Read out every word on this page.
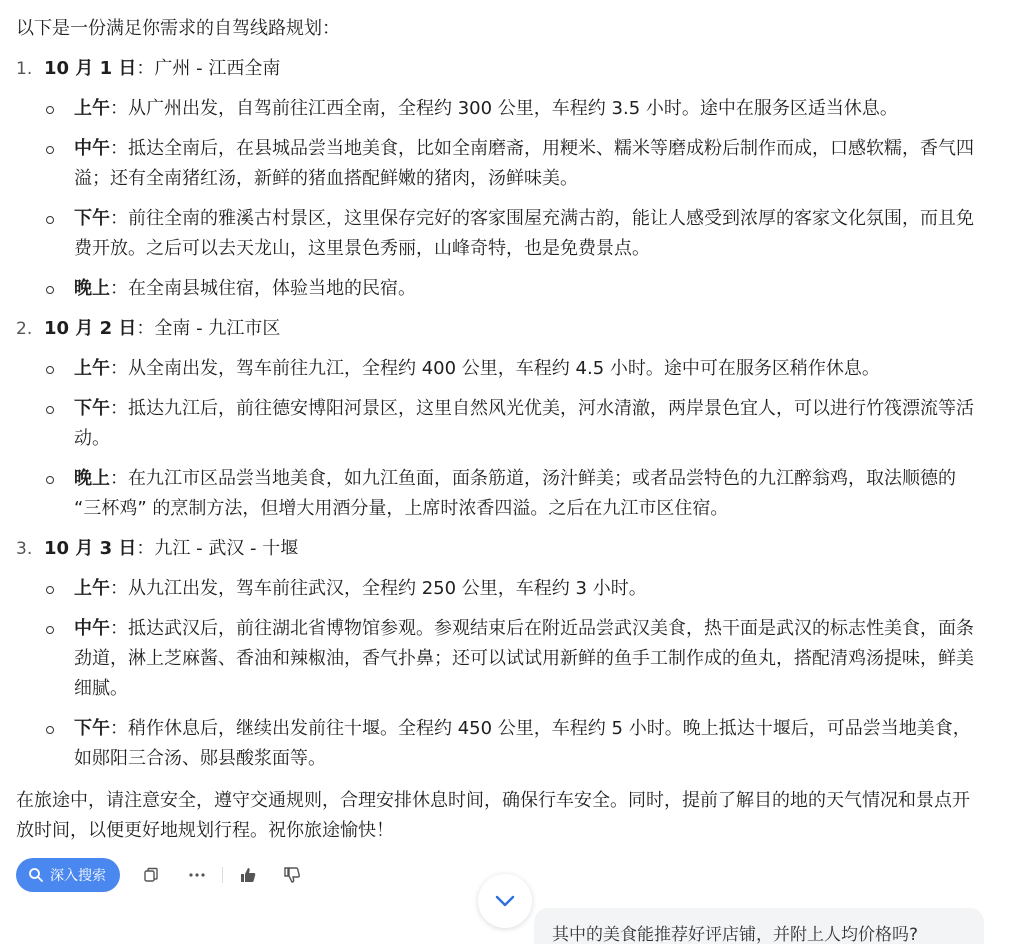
以下是一份满足你需求的自驾线路规划：
1. 10 月 1 日：广州 - 江西全南
上午：从广州出发，自驾前往江西全南，全程约 300 公里，车程约 3.5 小时。途中在服务区适当休息。
中午：抵达全南后，在县城品尝当地美食，比如全南磨斋，用粳米、糯米等磨成粉后制作而成，口感软糯，香气四溢；还有全南猪红汤，新鲜的猪血搭配鲜嫩的猪肉，汤鲜味美。
下午：前往全南的雅溪古村景区，这里保存完好的客家围屋充满古韵，能让人感受到浓厚的客家文化氛围，而且免费开放。之后可以去天龙山，这里景色秀丽，山峰奇特，也是免费景点。
晚上：在全南县城住宿，体验当地的民宿。
2. 10 月 2 日：全南 - 九江市区
上午：从全南出发，驾车前往九江，全程约 400 公里，车程约 4.5 小时。途中可在服务区稍作休息。
下午：抵达九江后，前往德安博阳河景区，这里自然风光优美，河水清澈，两岸景色宜人，可以进行竹筏漂流等活动。
晚上：在九江市区品尝当地美食，如九江鱼面，面条筋道，汤汁鲜美；或者品尝特色的九江醉翁鸡，取法顺德的 “三杯鸡” 的烹制方法，但增大用酒分量，上席时浓香四溢。之后在九江市区住宿。
3. 10 月 3 日：九江 - 武汉 - 十堰
上午：从九江出发，驾车前往武汉，全程约 250 公里，车程约 3 小时。
中午：抵达武汉后，前往湖北省博物馆参观。参观结束后在附近品尝武汉美食，热干面是武汉的标志性美食，面条劲道，淋上芝麻酱、香油和辣椒油，香气扑鼻；还可以试试用新鲜的鱼手工制作成的鱼丸，搭配清鸡汤提味，鲜美细腻。
下午：稍作休息后，继续出发前往十堰。全程约 450 公里，车程约 5 小时。晚上抵达十堰后，可品尝当地美食，如郧阳三合汤、郧县酸浆面等。
在旅途中，请注意安全，遵守交通规则，合理安排休息时间，确保行车安全。同时，提前了解目的地的天气情况和景点开放时间，以便更好地规划行程。祝你旅途愉快！
深入搜索
其中的美食能推荐好评店铺，并附上人均价格吗?
